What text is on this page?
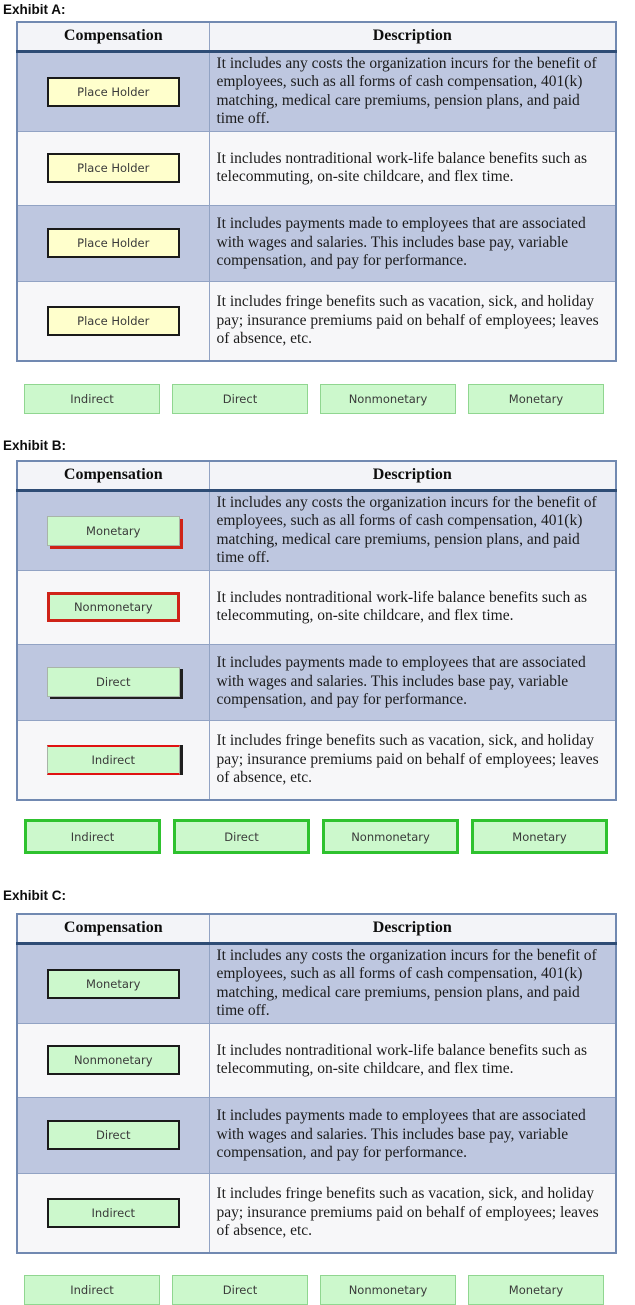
Exhibit A:
Compensation	Description
Place Holder	It includes any costs the organization incurs for the benefit of employees, such as all forms of cash compensation, 401(k) matching, medical care premiums, pension plans, and paid time off.
Place Holder	It includes nontraditional work-life balance benefits such as telecommuting, on-site childcare, and flex time.
Place Holder	It includes payments made to employees that are associated with wages and salaries. This includes base pay, variable compensation, and pay for performance.
Place Holder	It includes fringe benefits such as vacation, sick, and holiday pay; insurance premiums paid on behalf of employees; leaves of absence, etc.
Indirect	Direct	Nonmonetary	Monetary
Exhibit B:
Compensation	Description
Monetary	It includes any costs the organization incurs for the benefit of employees, such as all forms of cash compensation, 401(k) matching, medical care premiums, pension plans, and paid time off.
Nonmonetary	It includes nontraditional work-life balance benefits such as telecommuting, on-site childcare, and flex time.
Direct	It includes payments made to employees that are associated with wages and salaries. This includes base pay, variable compensation, and pay for performance.
Indirect	It includes fringe benefits such as vacation, sick, and holiday pay; insurance premiums paid on behalf of employees; leaves of absence, etc.
Indirect	Direct	Nonmonetary	Monetary
Exhibit C:
Compensation	Description
Monetary	It includes any costs the organization incurs for the benefit of employees, such as all forms of cash compensation, 401(k) matching, medical care premiums, pension plans, and paid time off.
Nonmonetary	It includes nontraditional work-life balance benefits such as telecommuting, on-site childcare, and flex time.
Direct	It includes payments made to employees that are associated with wages and salaries. This includes base pay, variable compensation, and pay for performance.
Indirect	It includes fringe benefits such as vacation, sick, and holiday pay; insurance premiums paid on behalf of employees; leaves of absence, etc.
Indirect	Direct	Nonmonetary	Monetary
